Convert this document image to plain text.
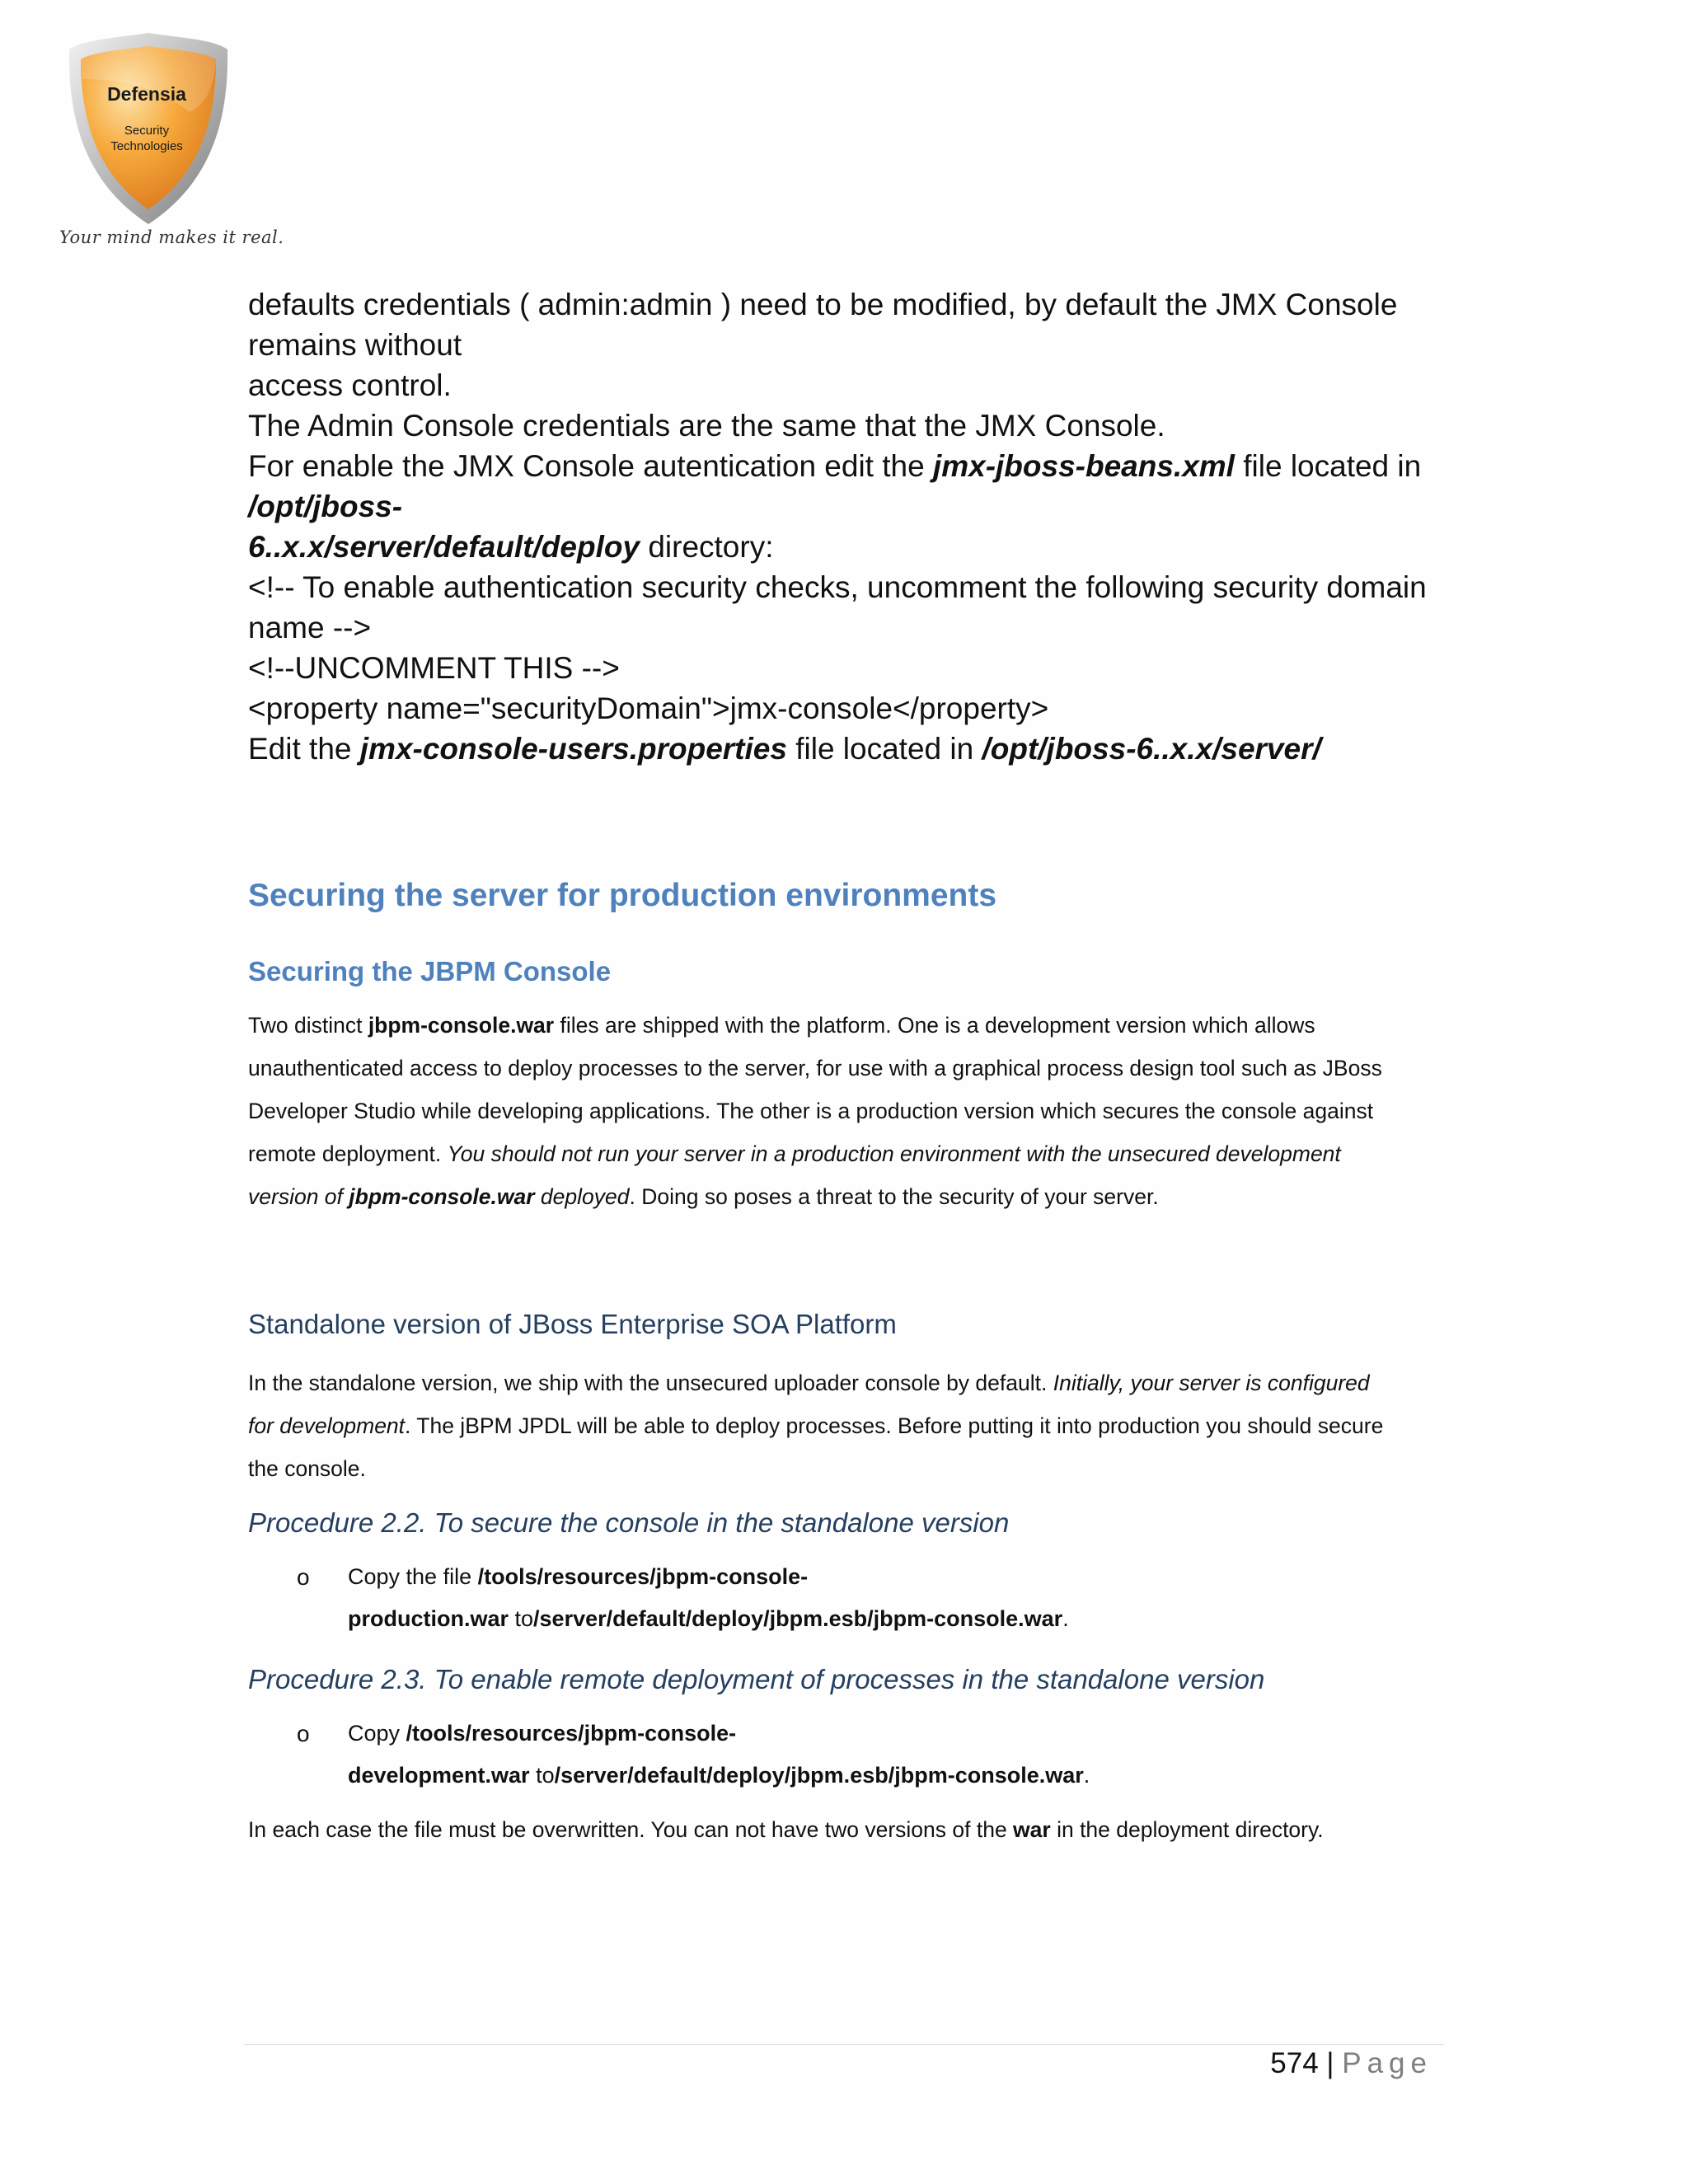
Defensia
Security
Technologies
Your mind makes it real.

defaults credentials ( admin:admin ) need to be modified, by default the JMX Console

remains without

access control.

The Admin Console credentials are the same that the JMX Console.

For enable the JMX Console autentication edit the jmx-jboss-beans.xml file located in

/opt/jboss-

6..x.x/server/default/deploy directory:

<!-- To enable authentication security checks, uncomment the following security domain

name -->

<!--UNCOMMENT THIS -->

<property name="securityDomain">jmx-console</property>

Edit the jmx-console-users.properties file located in /opt/jboss-6..x.x/server/

Securing the server for production environments
Securing the JBPM Console

Two distinct jbpm-console.war files are shipped with the platform. One is a development version which allows

unauthenticated access to deploy processes to the server, for use with a graphical process design tool such as JBoss

Developer Studio while developing applications. The other is a production version which secures the console against

remote deployment. You should not run your server in a production environment with the unsecured development

version of jbpm-console.war deployed. Doing so poses a threat to the security of your server.

Standalone version of JBoss Enterprise SOA Platform

In the standalone version, we ship with the unsecured uploader console by default. Initially, your server is configured

for development. The jBPM JPDL will be able to deploy processes. Before putting it into production you should secure

the console.

Procedure 2.2. To secure the console in the standalone version
o Copy the file /tools/resources/jbpm-console-
production.war to/server/default/deploy/jbpm.esb/jbpm-console.war.
Procedure 2.3. To enable remote deployment of processes in the standalone version
o Copy /tools/resources/jbpm-console-
development.war to/server/default/deploy/jbpm.esb/jbpm-console.war.

In each case the file must be overwritten. You can not have two versions of the war in the deployment directory.

574 | Page
